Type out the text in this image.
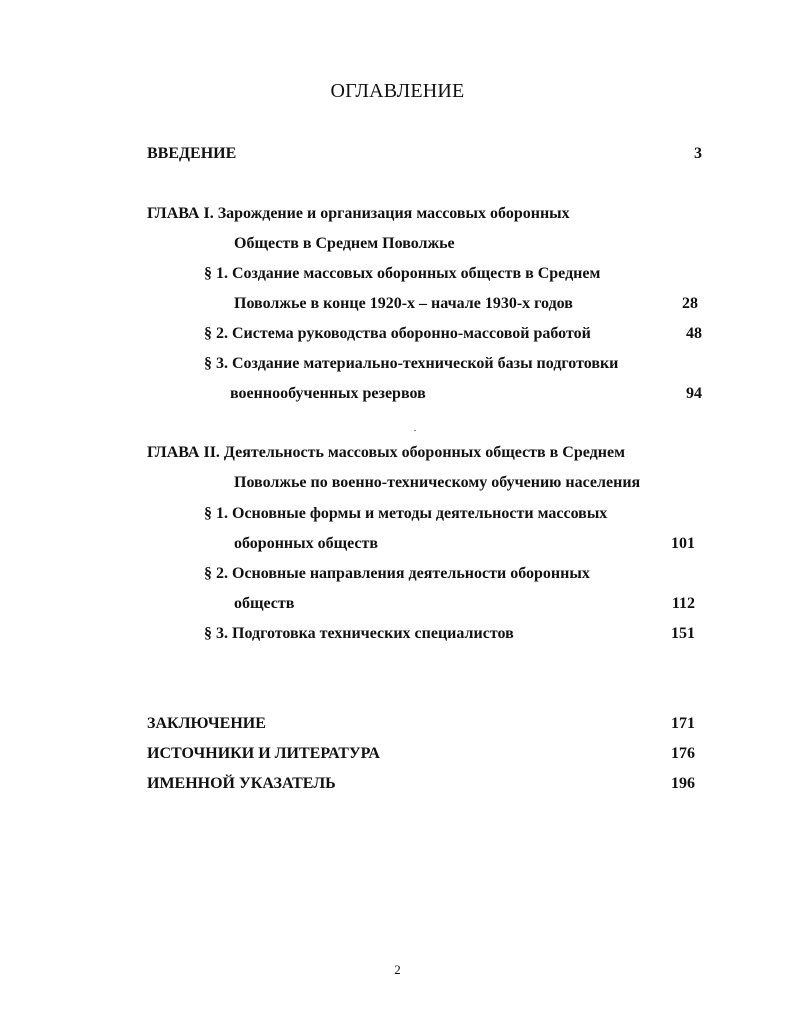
ОГЛАВЛЕНИЕ
ВВЕДЕНИЕ	3
ГЛАВА I. Зарождение и организация массовых оборонных
Обществ в Среднем Поволжье
§ 1. Создание массовых оборонных обществ в Среднем
Поволжье в конце 1920-х – начале 1930-х годов	28
§ 2. Система руководства оборонно-массовой работой	48
§ 3. Создание материально-технической базы подготовки
военнообученных резервов	94
ГЛАВА II. Деятельность массовых оборонных обществ в Среднем
Поволжье по военно-техническому обучению населения
§ 1. Основные формы и методы деятельности массовых
оборонных обществ	101
§ 2. Основные направления деятельности оборонных
обществ	112
§ 3. Подготовка технических специалистов	151
ЗАКЛЮЧЕНИЕ	171
ИСТОЧНИКИ И ЛИТЕРАТУРА	176
ИМЕННОЙ УКАЗАТЕЛЬ	196
2
